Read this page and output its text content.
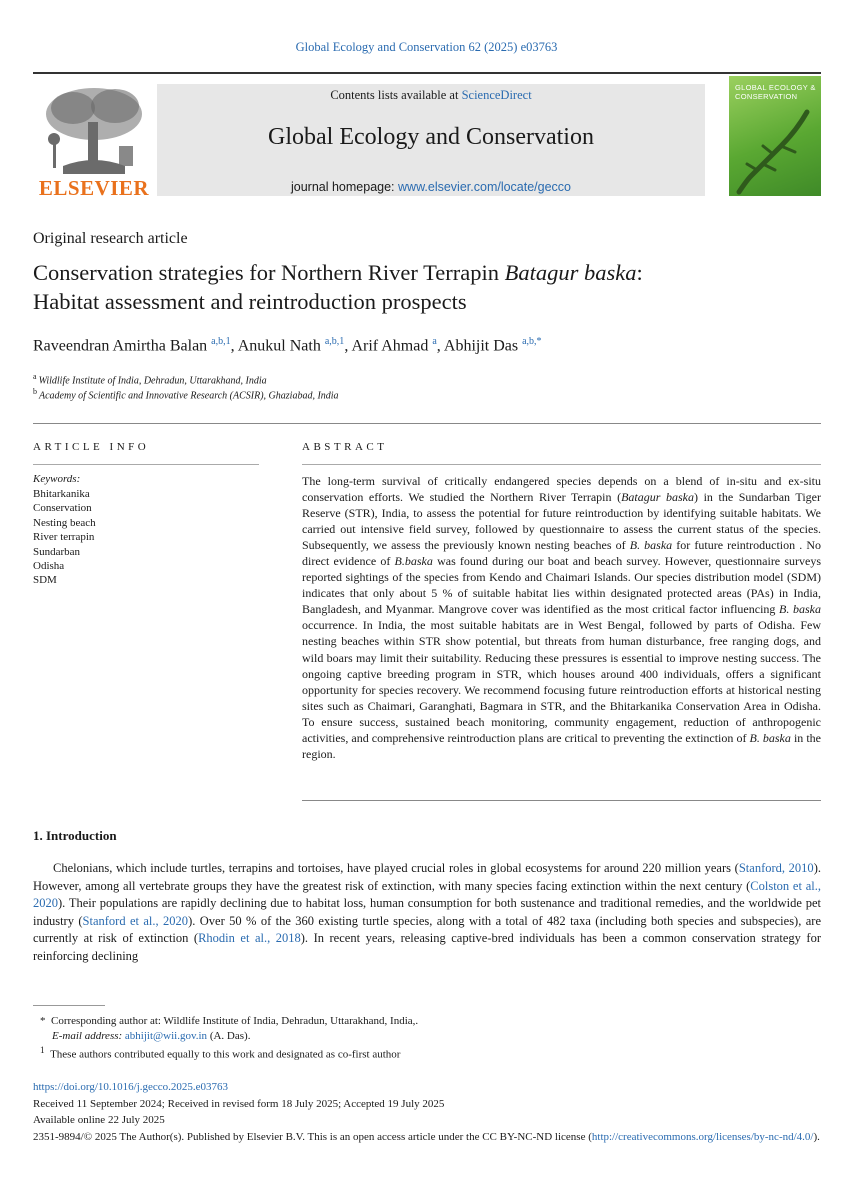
Global Ecology and Conservation 62 (2025) e03763
ELSEVIER
Contents lists available at ScienceDirect
Global Ecology and Conservation
journal homepage: www.elsevier.com/locate/gecco
GLOBAL ECOLOGY & CONSERVATION
Original research article
Conservation strategies for Northern River Terrapin Batagur baska:
Habitat assessment and reintroduction prospects
Raveendran Amirtha Balan $^{a,b,1}$, Anukul Nath $^{a,b,1}$, Arif Ahmad $^a$, Abhijit Das $^{a,b,*}$
$^a$ Wildlife Institute of India, Dehradun, Uttarakhand, India
$^b$ Academy of Scientific and Innovative Research (ACSIR), Ghaziabad, India
ARTICLE INFO	ABSTRACT
Keywords:
Bhitarkanika
Conservation
Nesting beach
River terrapin
Sundarban
Odisha
SDM
The long-term survival of critically endangered species depends on a blend of in-situ and ex-situ conservation efforts. We studied the Northern River Terrapin (Batagur baska) in the Sundarban Tiger Reserve (STR), India, to assess the potential for future reintroduction by identifying suitable habitats. We carried out intensive field survey, followed by questionnaire to assess the current status of the species. Subsequently, we assess the previously known nesting beaches of B. baska for future reintroduction . No direct evidence of B.baska was found during our boat and beach survey. However, questionnaire surveys reported sightings of the species from Kendo and Chaimari Islands. Our species distribution model (SDM) indicates that only about 5 % of suitable habitat lies within designated protected areas (PAs) in India, Bangladesh, and Myanmar. Mangrove cover was identified as the most critical factor influencing B. baska occurrence. In India, the most suitable habitats are in West Bengal, followed by parts of Odisha. Few nesting beaches within STR show potential, but threats from human disturbance, free ranging dogs, and wild boars may limit their suitability. Reducing these pressures is essential to improve nesting success. The ongoing captive breeding program in STR, which houses around 400 individuals, offers a significant opportunity for species recovery. We recommend focusing future reintroduction efforts at historical nesting sites such as Chaimari, Garanghati, Bagmara in STR, and the Bhitarkanika Conservation Area in Odisha. To ensure success, sustained beach monitoring, community engagement, reduction of anthropogenic activities, and comprehensive reintroduction plans are critical to preventing the extinction of B. baska in the region.
1. Introduction
Chelonians, which include turtles, terrapins and tortoises, have played crucial roles in global ecosystems for around 220 million years (Stanford, 2010). However, among all vertebrate groups they have the greatest risk of extinction, with many species facing extinction within the next century (Colston et al., 2020). Their populations are rapidly declining due to habitat loss, human consumption for both sustenance and traditional remedies, and the worldwide pet industry (Stanford et al., 2020). Over 50 % of the 360 existing turtle species, along with a total of 482 taxa (including both species and subspecies), are currently at risk of extinction (Rhodin et al., 2018). In recent years, releasing captive-bred individuals has been a common conservation strategy for reinforcing declining
* Corresponding author at: Wildlife Institute of India, Dehradun, Uttarakhand, India,.
E-mail address: abhijit@wii.gov.in (A. Das).
$^1$ These authors contributed equally to this work and designated as co-first author
https://doi.org/10.1016/j.gecco.2025.e03763
Received 11 September 2024; Received in revised form 18 July 2025; Accepted 19 July 2025
Available online 22 July 2025
2351-9894/© 2025 The Author(s). Published by Elsevier B.V. This is an open access article under the CC BY-NC-ND license (http://creativecommons.org/licenses/by-nc-nd/4.0/).
